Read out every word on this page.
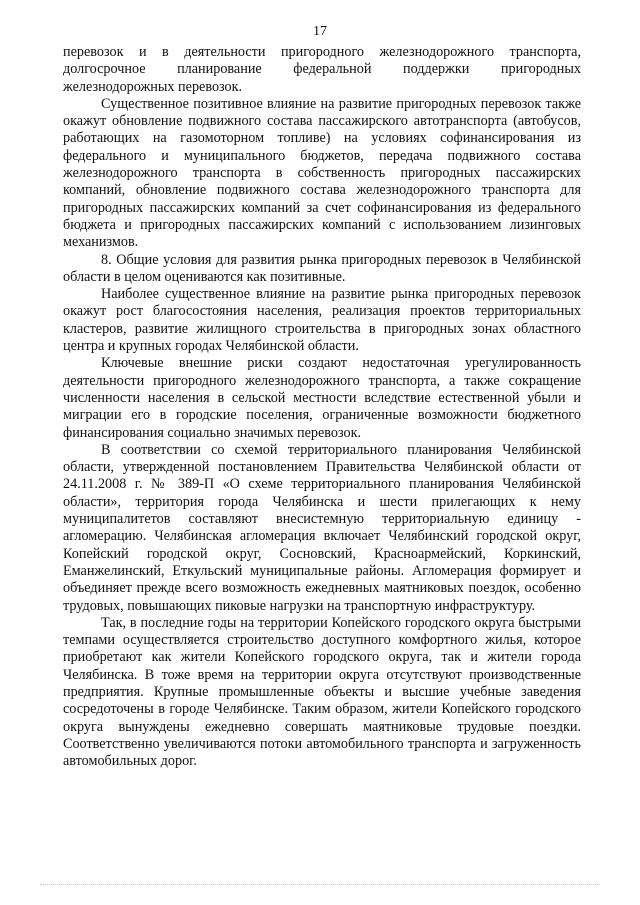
17

перевозок и в деятельности пригородного железнодорожного транспорта, долгосрочное планирование федеральной поддержки пригородных железнодорожных перевозок.

Существенное позитивное влияние на развитие пригородных перевозок также окажут обновление подвижного состава пассажирского автотранспорта (автобусов, работающих на газомоторном топливе) на условиях софинансирования из федерального и муниципального бюджетов, передача подвижного состава железнодорожного транспорта в собственность пригородных пассажирских компаний, обновление подвижного состава железнодорожного транспорта для пригородных пассажирских компаний за счет софинансирования из федерального бюджета и пригородных пассажирских компаний с использованием лизинговых механизмов.

8. Общие условия для развития рынка пригородных перевозок в Челябинской области в целом оцениваются как позитивные.

Наиболее существенное влияние на развитие рынка пригородных перевозок окажут рост благосостояния населения, реализация проектов территориальных кластеров, развитие жилищного строительства в пригородных зонах областного центра и крупных городах Челябинской области.

Ключевые внешние риски создают недостаточная урегулированность деятельности пригородного железнодорожного транспорта, а также сокращение численности населения в сельской местности вследствие естественной убыли и миграции его в городские поселения, ограниченные возможности бюджетного финансирования социально значимых перевозок.

В соответствии со схемой территориального планирования Челябинской области, утвержденной постановлением Правительства Челябинской области от 24.11.2008 г. № 389-П «О схеме территориального планирования Челябинской области», территория города Челябинска и шести прилегающих к нему муниципалитетов составляют внесистемную территориальную единицу - агломерацию. Челябинская агломерация включает Челябинский городской округ, Копейский городской округ, Сосновский, Красноармейский, Коркинский, Еманжелинский, Еткульский муниципальные районы. Агломерация формирует и объединяет прежде всего возможность ежедневных маятниковых поездок, особенно трудовых, повышающих пиковые нагрузки на транспортную инфраструктуру.

Так, в последние годы на территории Копейского городского округа быстрыми темпами осуществляется строительство доступного комфортного жилья, которое приобретают как жители Копейского городского округа, так и жители города Челябинска. В тоже время на территории округа отсутствуют производственные предприятия. Крупные промышленные объекты и высшие учебные заведения сосредоточены в городе Челябинске. Таким образом, жители Копейского городского округа вынуждены ежедневно совершать маятниковые трудовые поездки. Соответственно увеличиваются потоки автомобильного транспорта и загруженность автомобильных дорог.
